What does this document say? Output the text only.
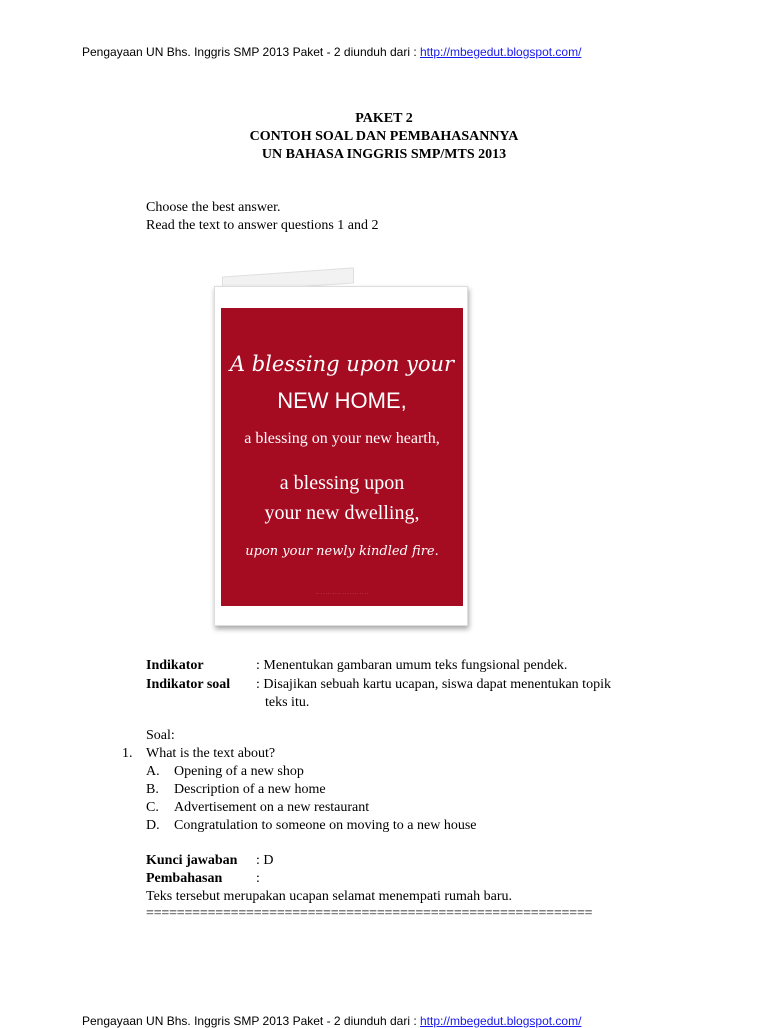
Pengayaan UN Bhs. Inggris SMP 2013 Paket - 2 diunduh dari : http://mbegedut.blogspot.com/
PAKET 2
CONTOH SOAL DAN PEMBAHASANNYA
UN BAHASA INGGRIS SMP/MTS 2013
Choose the best answer.
Read the text to answer questions 1 and 2
A blessing upon your
NEW HOME,
a blessing on your new hearth,
a blessing upon
your new dwelling,
upon your newly kindled fire.
· · · · · · · · · · · · · · · · · · · · · ·
Indikator	: Menentukan gambaran umum teks fungsional pendek.
Indikator soal : Disajikan sebuah kartu ucapan, siswa dapat menentukan topik
teks itu.
Soal:
1. What is the text about?
A. Opening of a new shop
B. Description of a new home
C. Advertisement on a new restaurant
D. Congratulation to someone on moving to a new house
Kunci jawaban : D
Pembahasan :
Teks tersebut merupakan ucapan selamat menempati rumah baru.
==========================================================
Pengayaan UN Bhs. Inggris SMP 2013 Paket - 2 diunduh dari : http://mbegedut.blogspot.com/
